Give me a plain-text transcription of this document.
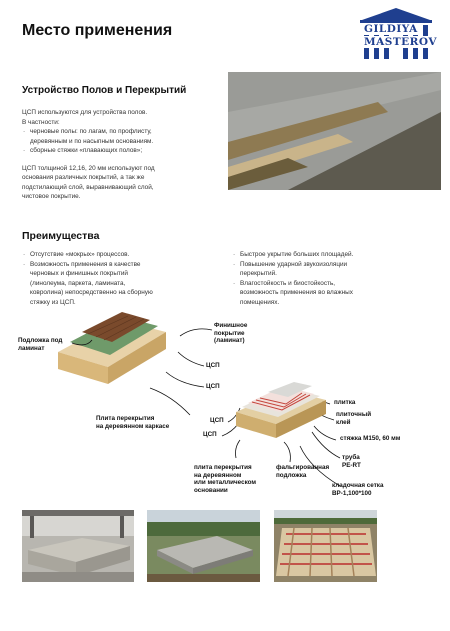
Место применения	GILDIYA
MASTEROV
Устройство Полов и Перекрытий
ЦСП используются для устройства полов.
В частности:
· черновые полы: по лагам, по профлисту,
деревянным и по насыпным основаниям.
· сборные стяжки «плавающих полов»;
ЦСП толщиной 12,16, 20 мм используют под
основания различных покрытий, а так же
подстилающий слой, выравнивающий слой,
чистовое покрытие.
Преимущества
· Отсутствие «мокрых» процессов.
· Возможность применения в качестве
черновых и финишных покрытий
(линолеума, паркета, ламината,
ковролина) непосредственно на сборную
стяжку из ЦСП.
· Быстрое укрытие больших площадей.
· Повышение ударной звукоизоляции
перекрытий.
· Влагостойкость и биостойкость,
возможность применения во влажных
помещениях.
Подложка под
ламинат
Финишное
покрытие
(ламинат)
ЦСП
ЦСП
Плита перекрытия
на деревянном каркасе
ЦСП
ЦСП
плитка
плиточный
клей
стяжка М150, 60 мм
труба
PE-RT
плита перекрытия
на деревянном
или металлическом
основании
фальгированная
подложка
кладочная сетка
ВР-1,100*100
